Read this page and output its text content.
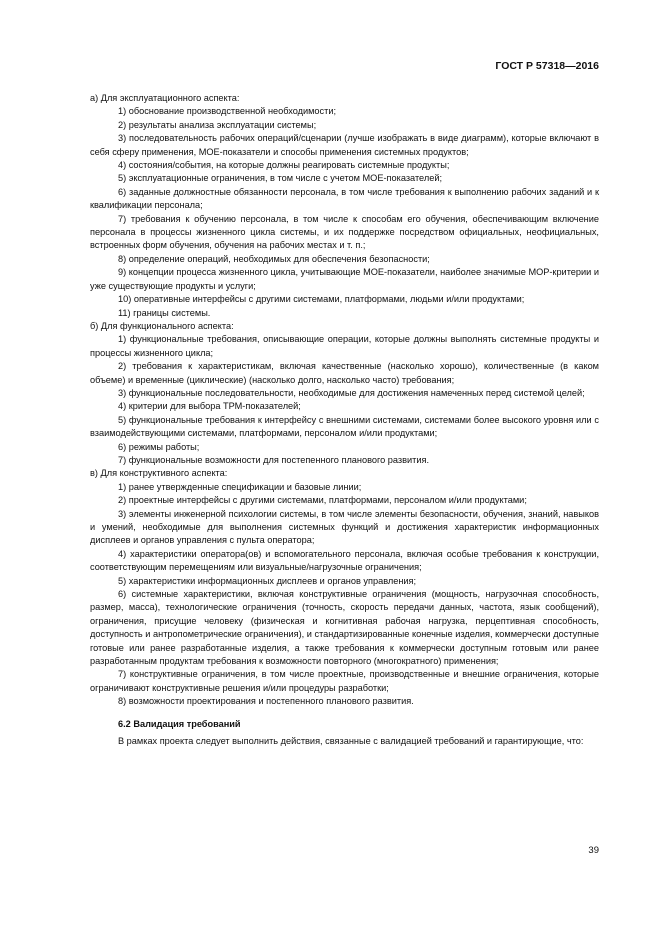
ГОСТ Р 57318—2016

а) Для эксплуатационного аспекта:

1) обоснование производственной необходимости;

2) результаты анализа эксплуатации системы;

3) последовательность рабочих операций/сценарии (лучше изображать в виде диаграмм), которые включают в себя сферу применения, МОЕ-показатели и способы применения системных продуктов;

4) состояния/события, на которые должны реагировать системные продукты;

5) эксплуатационные ограничения, в том числе с учетом МОЕ-показателей;

6) заданные должностные обязанности персонала, в том числе требования к выполнению рабочих заданий и к квалификации персонала;

7) требования к обучению персонала, в том числе к способам его обучения, обеспечивающим включение персонала в процессы жизненного цикла системы, и их поддержке посредством официальных, неофициальных, встроенных форм обучения, обучения на рабочих местах и т. п.;

8) определение операций, необходимых для обеспечения безопасности;

9) концепции процесса жизненного цикла, учитывающие МОЕ-показатели, наиболее значимые МОР-критерии и уже существующие продукты и услуги;

10) оперативные интерфейсы с другими системами, платформами, людьми и/или продуктами;

11) границы системы.

б) Для функционального аспекта:

1) функциональные требования, описывающие операции, которые должны выполнять системные продукты и процессы жизненного цикла;

2) требования к характеристикам, включая качественные (насколько хорошо), количественные (в каком объеме) и временные (циклические) (насколько долго, насколько часто) требования;

3) функциональные последовательности, необходимые для достижения намеченных перед системой целей;

4) критерии для выбора ТРМ-показателей;

5) функциональные требования к интерфейсу с внешними системами, системами более высокого уровня или с взаимодействующими системами, платформами, персоналом и/или продуктами;

6) режимы работы;

7) функциональные возможности для постепенного планового развития.

в) Для конструктивного аспекта:

1) ранее утвержденные спецификации и базовые линии;

2) проектные интерфейсы с другими системами, платформами, персоналом и/или продуктами;

3) элементы инженерной психологии системы, в том числе элементы безопасности, обучения, знаний, навыков и умений, необходимые для выполнения системных функций и достижения характеристик информационных дисплеев и органов управления с пульта оператора;

4) характеристики оператора(ов) и вспомогательного персонала, включая особые требования к конструкции, соответствующим перемещениям или визуальные/нагрузочные ограничения;

5) характеристики информационных дисплеев и органов управления;

6) системные характеристики, включая конструктивные ограничения (мощность, нагрузочная способность, размер, масса), технологические ограничения (точность, скорость передачи данных, частота, язык сообщений), ограничения, присущие человеку (физическая и когнитивная рабочая нагрузка, перцептивная способность, доступность и антропометрические ограничения), и стандартизированные конечные изделия, коммерчески доступные готовые или ранее разработанные изделия, а также требования к коммерчески доступным готовым или ранее разработанным продуктам требования к возможности повторного (многократного) применения;

7) конструктивные ограничения, в том числе проектные, производственные и внешние ограничения, которые ограничивают конструктивные решения и/или процедуры разработки;

8) возможности проектирования и постепенного планового развития.

6.2 Валидация требований

В рамках проекта следует выполнить действия, связанные с валидацией требований и гарантирующие, что:

39
